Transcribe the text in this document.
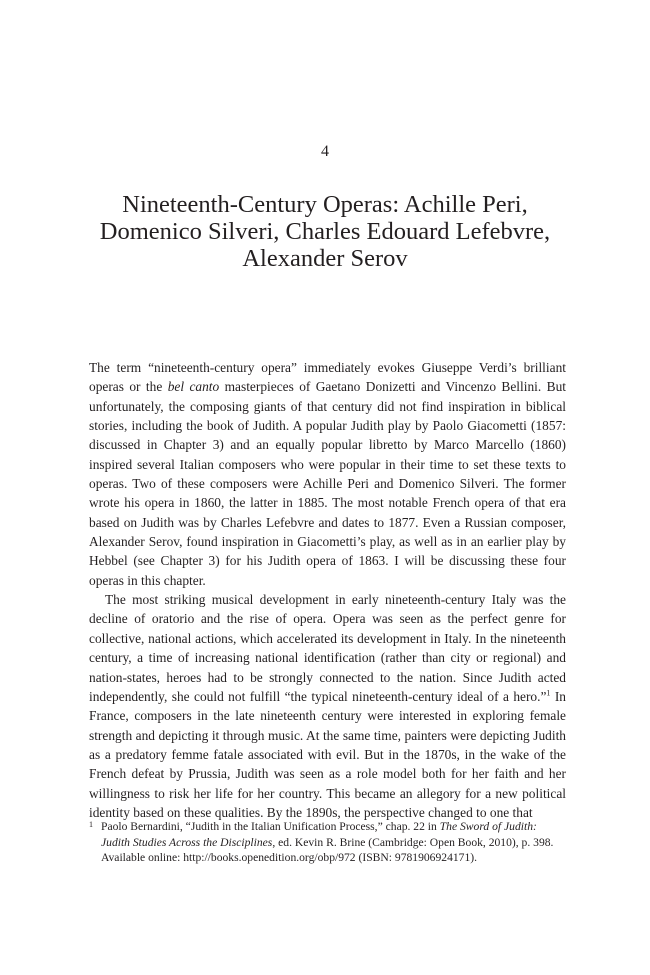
4
Nineteenth-Century Operas: Achille Peri,
Domenico Silveri, Charles Edouard Lefebvre,
Alexander Serov

The term “nineteenth-century opera” immediately evokes Giuseppe Verdi’s brilliant operas or the bel canto masterpieces of Gaetano Donizetti and Vincenzo Bellini. But unfortunately, the composing giants of that century did not find inspiration in biblical stories, including the book of Judith. A popular Judith play by Paolo Giacometti (1857: discussed in Chapter 3) and an equally popular libretto by Marco Marcello (1860) inspired several Italian composers who were popular in their time to set these texts to operas. Two of these composers were Achille Peri and Domenico Silveri. The former wrote his opera in 1860, the latter in 1885. The most notable French opera of that era based on Judith was by Charles Lefebvre and dates to 1877. Even a Russian composer, Alexander Serov, found inspiration in Giacometti’s play, as well as in an earlier play by Hebbel (see Chapter 3) for his Judith opera of 1863. I will be discussing these four operas in this chapter.

The most striking musical development in early nineteenth-century Italy was the decline of oratorio and the rise of opera. Opera was seen as the perfect genre for collective, national actions, which accelerated its development in Italy. In the nineteenth century, a time of increasing national identification (rather than city or regional) and nation-states, heroes had to be strongly connected to the nation. Since Judith acted independently, she could not fulfill “the typical nineteenth-century ideal of a hero.”$^1$ In France, composers in the late nineteenth century were interested in exploring female strength and depicting it through music. At the same time, painters were depicting Judith as a predatory femme fatale associated with evil. But in the 1870s, in the wake of the French defeat by Prussia, Judith was seen as a role model both for her faith and her willingness to risk her life for her country. This became an allegory for a new political identity based on these qualities. By the 1890s, the perspective changed to one that

1 Paolo Bernardini, “Judith in the Italian Unification Process,” chap. 22 in The Sword of Judith: Judith Studies Across the Disciplines, ed. Kevin R. Brine (Cambridge: Open Book, 2010), p. 398. Available online: http://books.openedition.org/obp/972 (ISBN: 9781906924171).
